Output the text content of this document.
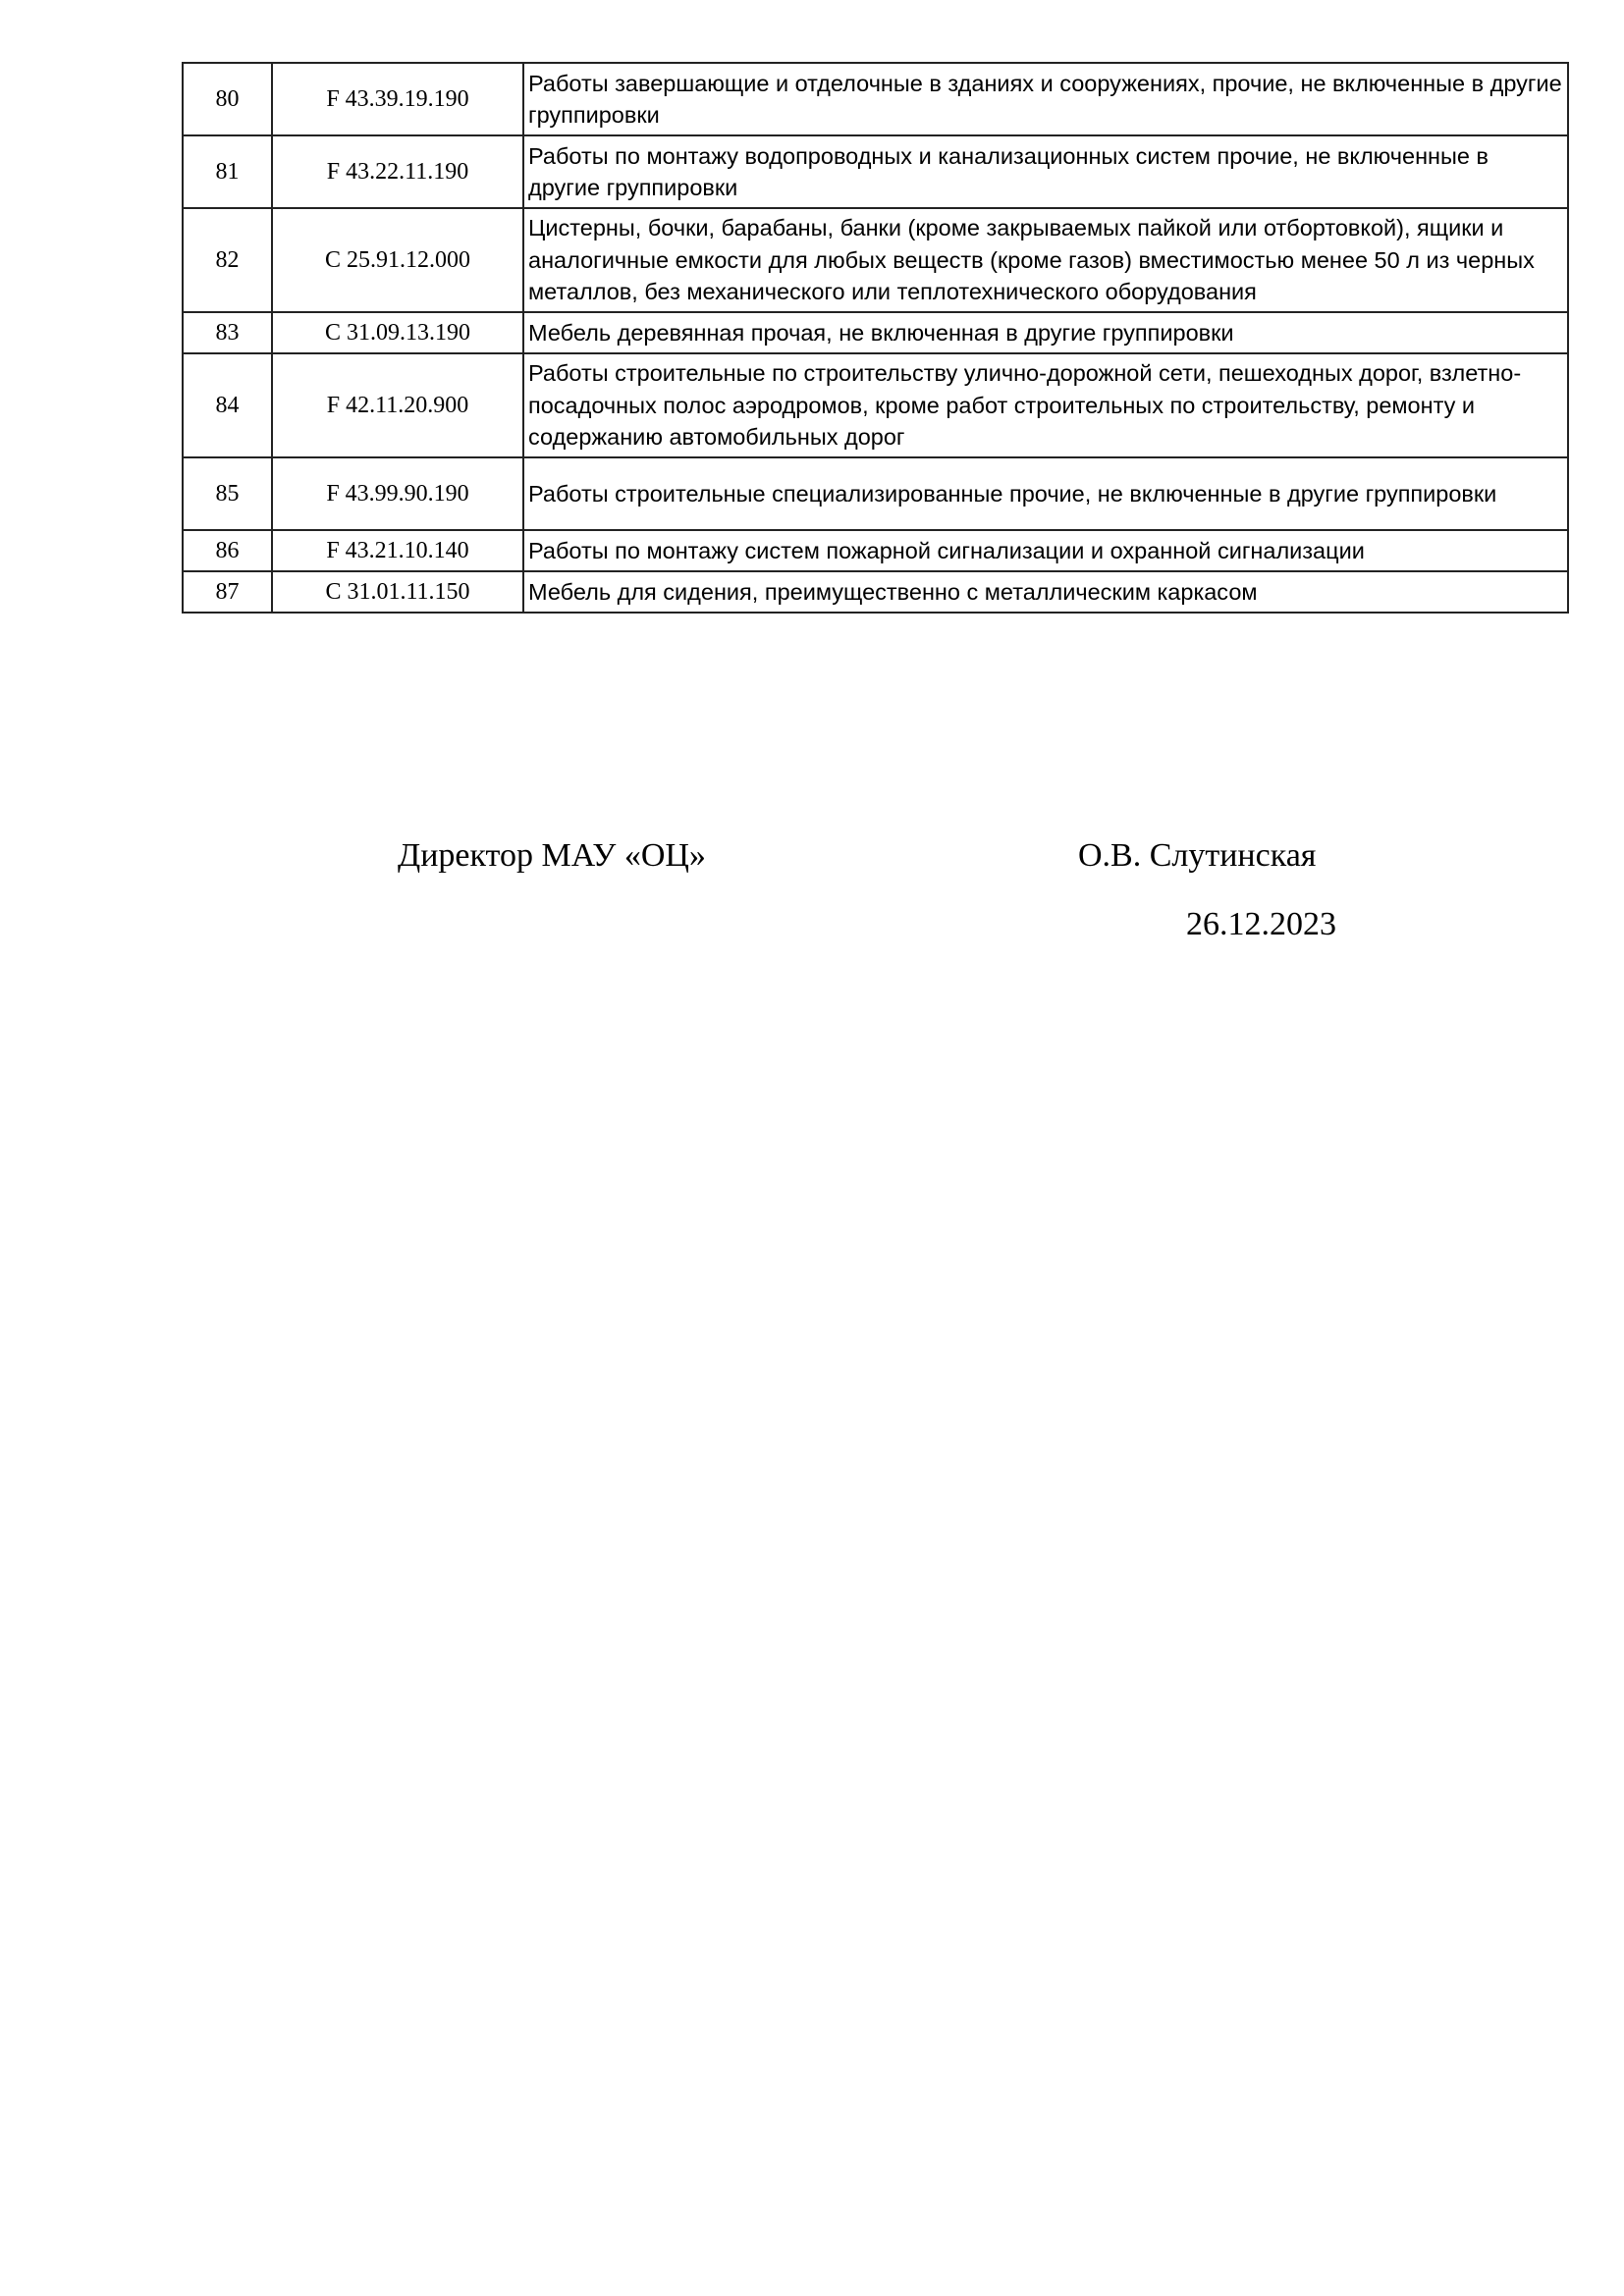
80	F 43.39.19.190	Работы завершающие и отделочные в зданиях и сооружениях, прочие, не включенные в другие группировки
81	F 43.22.11.190	Работы по монтажу водопроводных и канализационных систем прочие, не включенные в другие группировки
82	C 25.91.12.000	Цистерны, бочки, барабаны, банки (кроме закрываемых пайкой или отбортовкой), ящики и аналогичные емкости для любых веществ (кроме газов) вместимостью менее 50 л из черных металлов, без механического или теплотехнического оборудования
83	C 31.09.13.190	Мебель деревянная прочая, не включенная в другие группировки
84	F 42.11.20.900	Работы строительные по строительству улично-дорожной сети, пешеходных дорог, взлетно-посадочных полос аэродромов, кроме работ строительных по строительству, ремонту и содержанию автомобильных дорог
85	F 43.99.90.190	Работы строительные специализированные прочие, не включенные в другие группировки
86	F 43.21.10.140	Работы по монтажу систем пожарной сигнализации и охранной сигнализации
87	C 31.01.11.150	Мебель для сидения, преимущественно с металлическим каркасом
Директор МАУ «ОЦ»	О.В. Слутинская
26.12.2023
